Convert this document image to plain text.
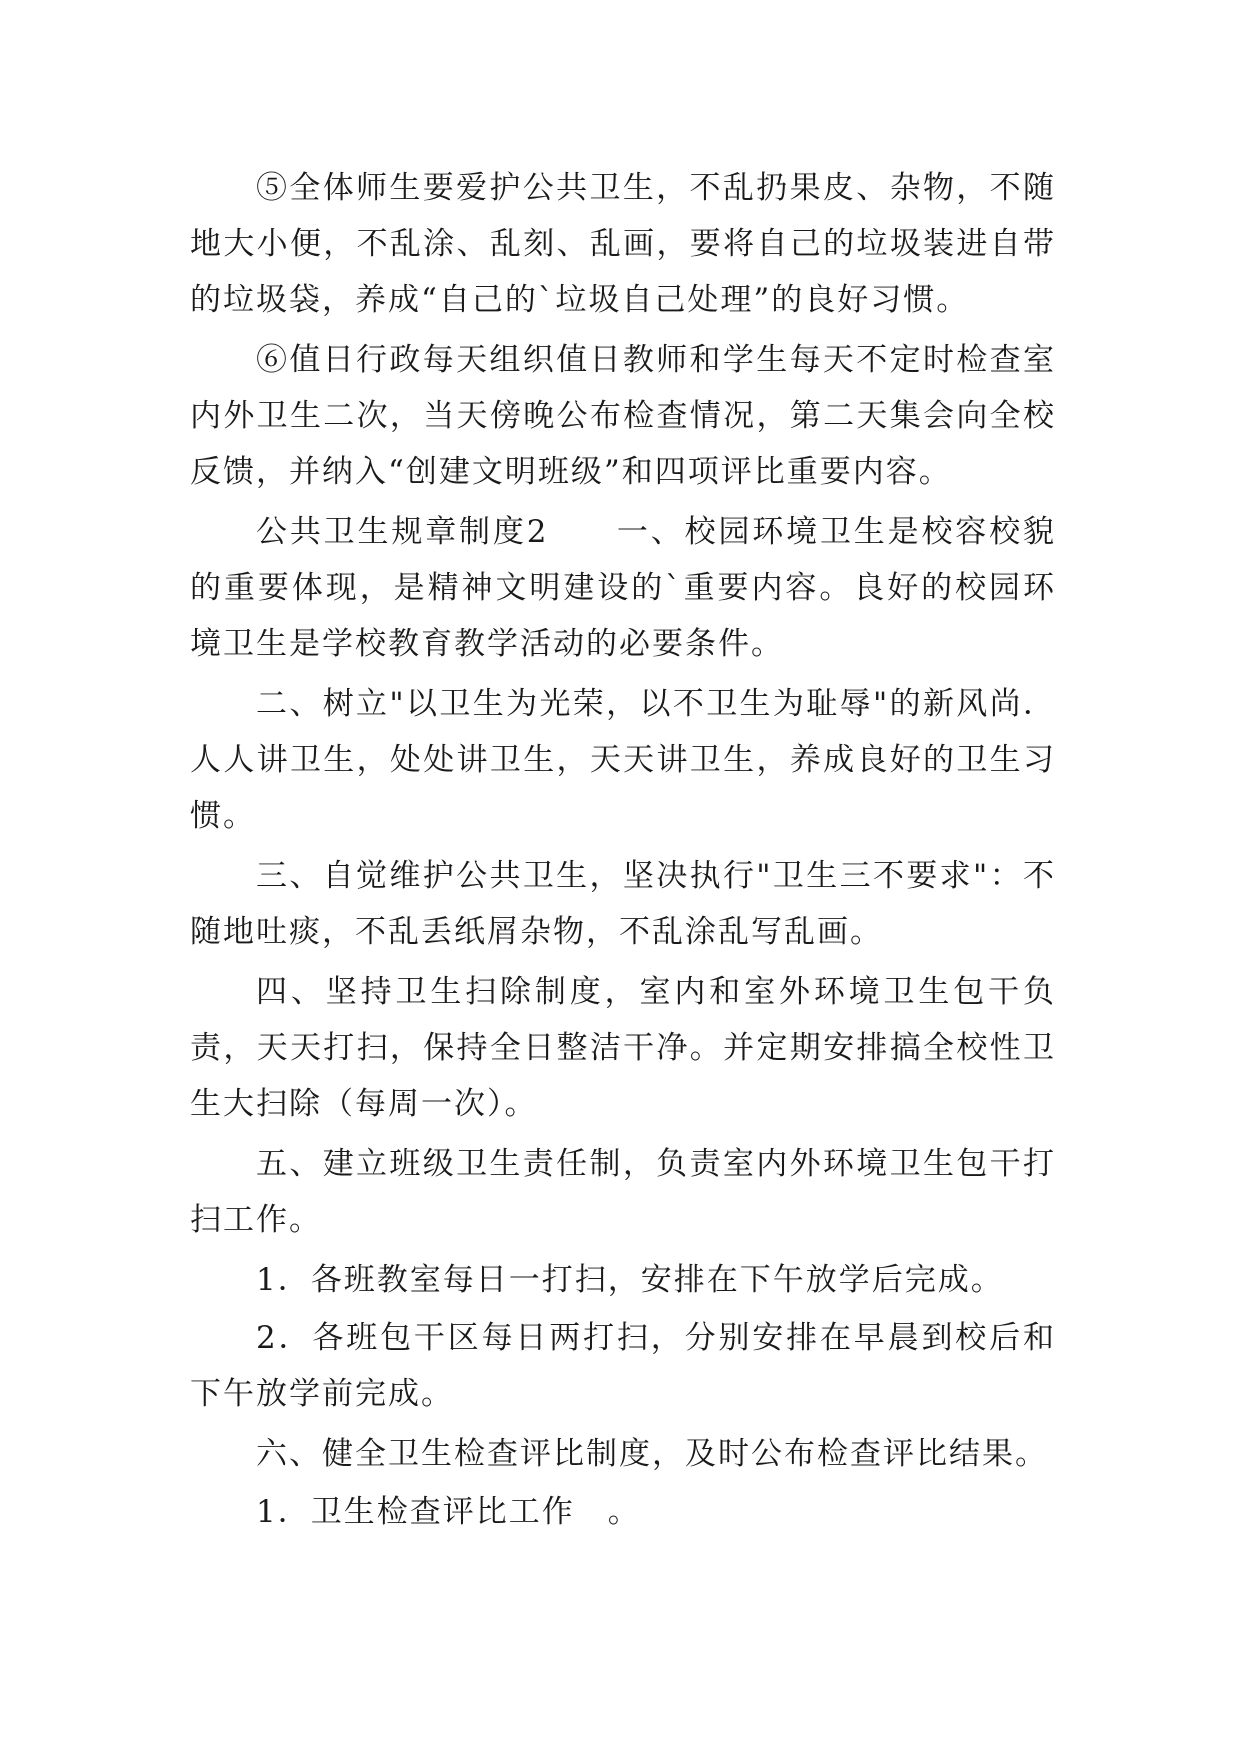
⑤全体师生要爱护公共卫生，不乱扔果皮、杂物，不随地大小便，不乱涂、乱刻、乱画，要将自己的垃圾装进自带的垃圾袋，养成“自己的`垃圾自己处理”的良好习惯。

⑥值日行政每天组织值日教师和学生每天不定时检查室内外卫生二次，当天傍晚公布检查情况，第二天集会向全校反馈，并纳入“创建文明班级”和四项评比重要内容。

公共卫生规章制度2　　一、校园环境卫生是校容校貌的重要体现，是精神文明建设的`重要内容。良好的校园环境卫生是学校教育教学活动的必要条件。

二、树立"以卫生为光荣，以不卫生为耻辱"的新风尚．人人讲卫生，处处讲卫生，天天讲卫生，养成良好的卫生习惯。

三、自觉维护公共卫生，坚决执行"卫生三不要求"：不随地吐痰，不乱丢纸屑杂物，不乱涂乱写乱画。

四、坚持卫生扫除制度，室内和室外环境卫生包干负责，天天打扫，保持全日整洁干净。并定期安排搞全校性卫生大扫除（每周一次）。

五、建立班级卫生责任制，负责室内外环境卫生包干打扫工作。

1．各班教室每日一打扫，安排在下午放学后完成。

2．各班包干区每日两打扫，分别安排在早晨到校后和下午放学前完成。

六、健全卫生检查评比制度，及时公布检查评比结果。

1．卫生检查评比工作　。
